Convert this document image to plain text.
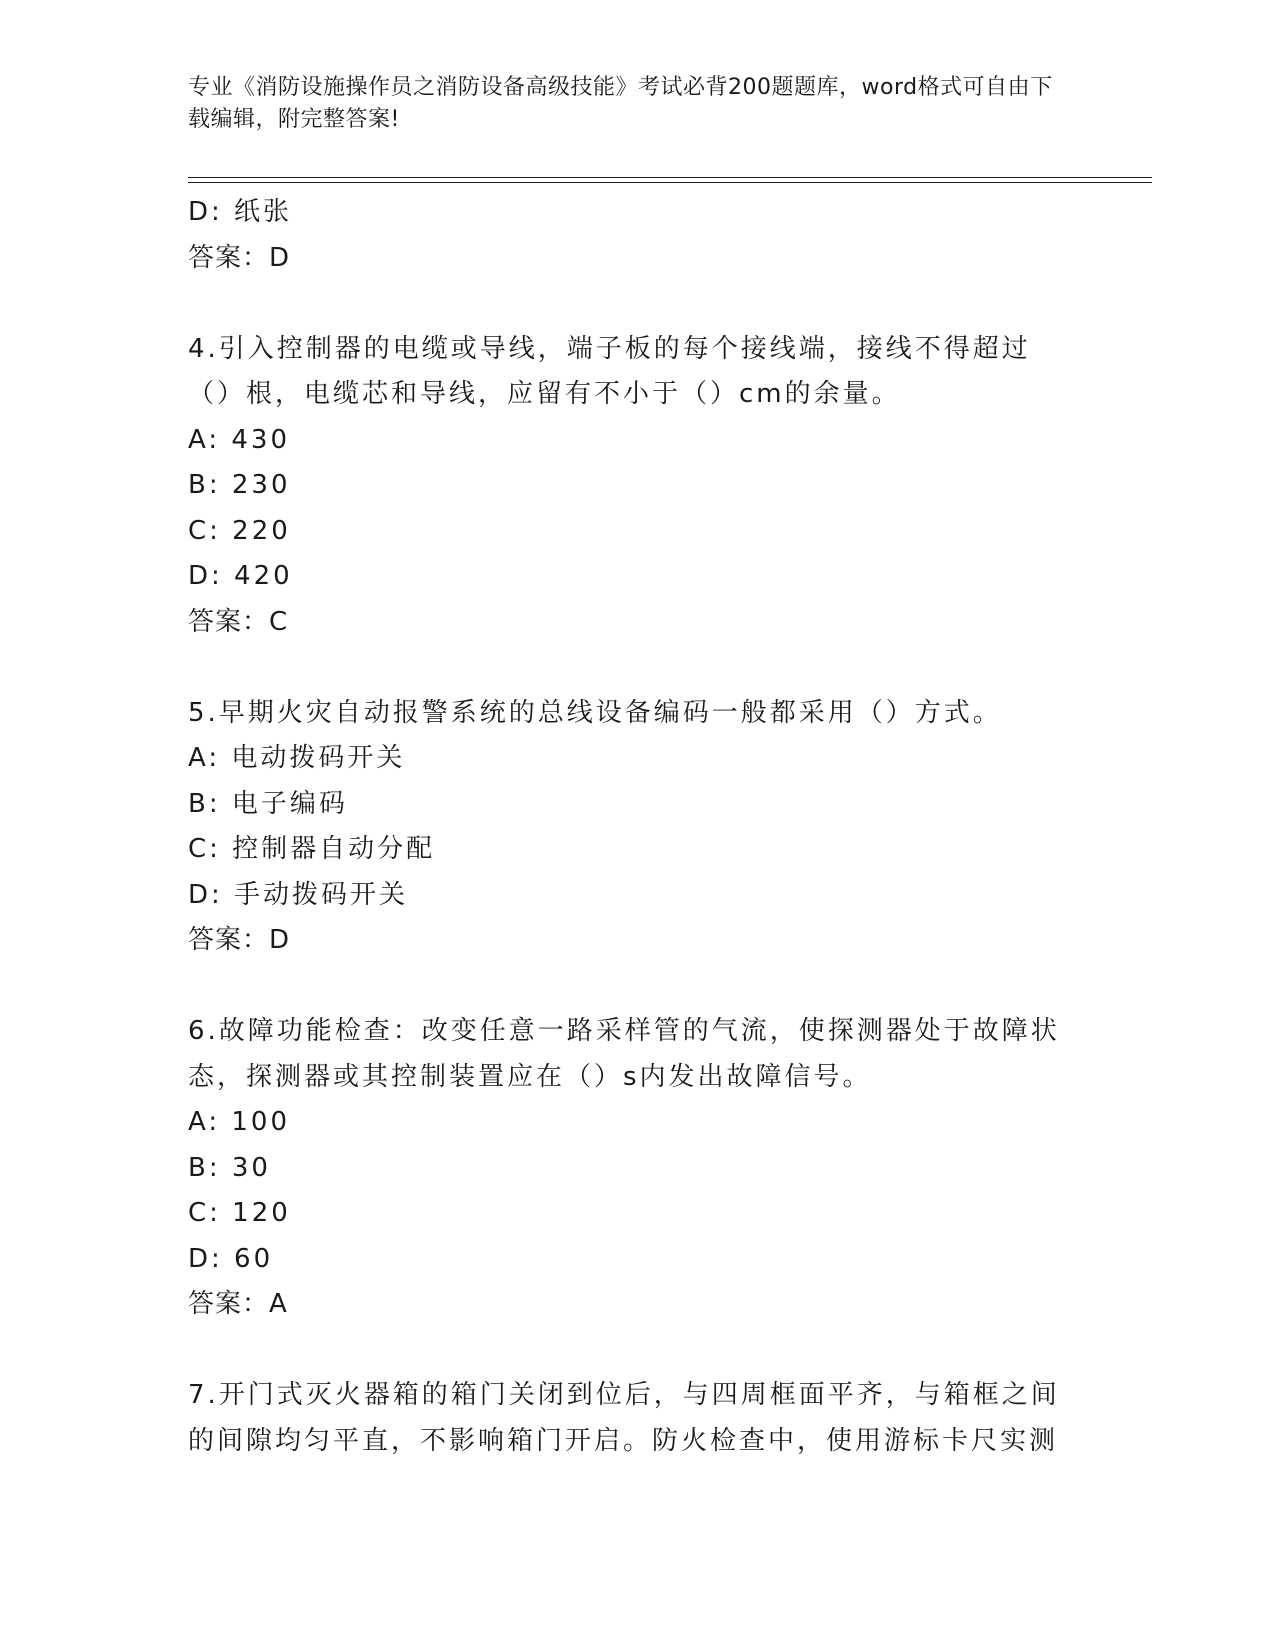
专业《消防设施操作员之消防设备高级技能》考试必背200题题库，word格式可自由下载编辑，附完整答案!
D: 纸张
答案：D
4.引入控制器的电缆或导线，端子板的每个接线端，接线不得超过（）根，电缆芯和导线，应留有不小于（）cm的余量。
A: 430
B: 230
C: 220
D: 420
答案：C
5.早期火灾自动报警系统的总线设备编码一般都采用（）方式。
A: 电动拨码开关
B: 电子编码
C: 控制器自动分配
D: 手动拨码开关
答案：D
6.故障功能检查：改变任意一路采样管的气流，使探测器处于故障状态，探测器或其控制装置应在（）s内发出故障信号。
A: 100
B: 30
C: 120
D: 60
答案：A
7.开门式灭火器箱的箱门关闭到位后，与四周框面平齐，与箱框之间的间隙均匀平直，不影响箱门开启。防火检查中，使用游标卡尺实测
